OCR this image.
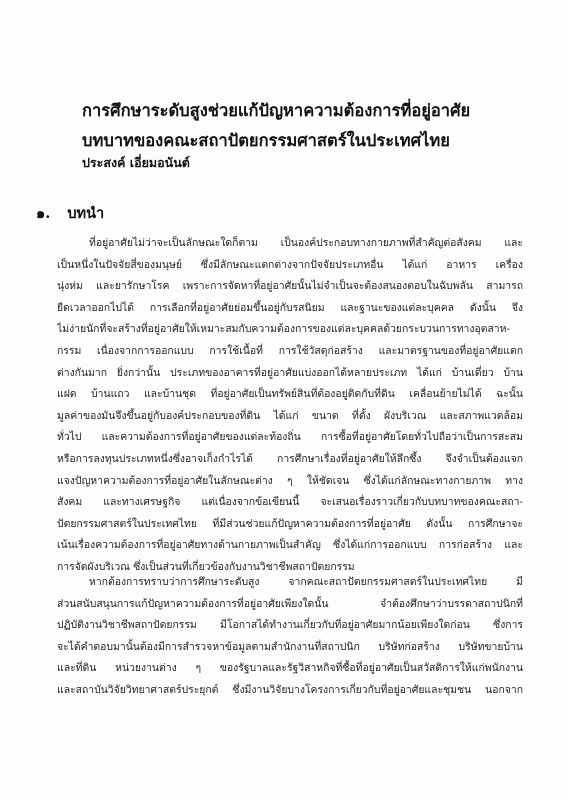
การศึกษาระดับสูงช่วยแก้ปัญหาความต้องการที่อยู่อาศัย
บทบาทของคณะสถาปัตยกรรมศาสตร์ในประเทศไทย
ประสงค์ เอี่ยมอนันต์
๑. บทนำ
ที่อยู่อาศัยไม่ว่าจะเป็นลักษณะใดก็ตาม เป็นองค์ประกอบทางกายภาพที่สำคัญต่อสังคม และ
เป็นหนึ่งในปัจจัยสี่ของมนุษย์ ซึ่งมีลักษณะแตกต่างจากปัจจัยประเภทอื่น ได้แก่ อาหาร เครื่อง
นุ่งห่ม และยารักษาโรค เพราะการจัดหาที่อยู่อาศัยนั้นไม่จำเป็นจะต้องสนองตอบในฉับพลัน สามารถ
ยืดเวลาออกไปได้ การเลือกที่อยู่อาศัยย่อมขึ้นอยู่กับรสนิยม และฐานะของแต่ละบุคคล ดังนั้น จึง
ไม่ง่ายนักที่จะสร้างที่อยู่อาศัยให้เหมาะสมกับความต้องการของแต่ละบุคคลด้วยกระบวนการทางอุตสาห-
กรรม เนื่องจากการออกแบบ การใช้เนื้อที่ การใช้วัสดุก่อสร้าง และมาตรฐานของที่อยู่อาศัยแตก
ต่างกันมาก ยิ่งกว่านั้น ประเภทของอาคารที่อยู่อาศัยแบ่งออกได้หลายประเภท ได้แก่ บ้านเดี่ยว บ้าน
แฝด บ้านแถว และบ้านชุด ที่อยู่อาศัยเป็นทรัพย์สินที่ต้องอยู่ติดกับที่ดิน เคลื่อนย้ายไม่ได้ ฉะนั้น
มูลค่าของมันจึงขึ้นอยู่กับองค์ประกอบของที่ดิน ได้แก่ ขนาด ที่ตั้ง ผังบริเวณ และสภาพแวดล้อม
ทั่วไป และความต้องการที่อยู่อาศัยของแต่ละท้องถิ่น การซื้อที่อยู่อาศัยโดยทั่วไปถือว่าเป็นการสะสม
หรือการลงทุนประเภทหนึ่งซึ่งอาจเก็งกำไรได้ การศึกษาเรื่องที่อยู่อาศัยให้ลึกซึ้ง จึงจำเป็นต้องแจก
แจงปัญหาความต้องการที่อยู่อาศัยในลักษณะต่าง ๆ ให้ชัดเจน ซึ่งได้แก่ลักษณะทางกายภาพ ทาง
สังคม และทางเศรษฐกิจ แต่เนื่องจากข้อเขียนนี้ จะเสนอเรื่องราวเกี่ยวกับบทบาทของคณะสถา-
ปัตยกรรมศาสตร์ในประเทศไทย ที่มีส่วนช่วยแก้ปัญหาความต้องการที่อยู่อาศัย ดังนั้น การศึกษาจะ
เน้นเรื่องความต้องการที่อยู่อาศัยทางด้านกายภาพเป็นสำคัญ ซึ่งได้แก่การออกแบบ การก่อสร้าง และ
การจัดผังบริเวณ ซึ่งเป็นส่วนที่เกี่ยวข้องกับงานวิชาชีพสถาปัตยกรรม
หากต้องการทราบว่าการศึกษาระดับสูง จากคณะสถาปัตยกรรมศาสตร์ในประเทศไทย มี
ส่วนสนับสนุนการแก้ปัญหาความต้องการที่อยู่อาศัยเพียงใดนั้น จำต้องศึกษาว่าบรรดาสถาปนิกที่
ปฏิบัติงานวิชาชีพสถาปัตยกรรม มีโอกาสได้ทำงานเกี่ยวกับที่อยู่อาศัยมากน้อยเพียงใดก่อน ซึ่งการ
จะได้คำตอบมานั้นต้องมีการสำรวจหาข้อมูลตามสำนักงานที่สถาปนิก บริษัทก่อสร้าง บริษัทขายบ้าน
และที่ดิน หน่วยงานต่าง ๆ ของรัฐบาลและรัฐวิสาหกิจที่ซื้อที่อยู่อาศัยเป็นสวัสดิการให้แก่พนักงาน
และสถาบันวิจัยวิทยาศาสตร์ประยุกต์ ซึ่งมีงานวิจัยบางโครงการเกี่ยวกับที่อยู่อาศัยและชุมชน นอกจาก
